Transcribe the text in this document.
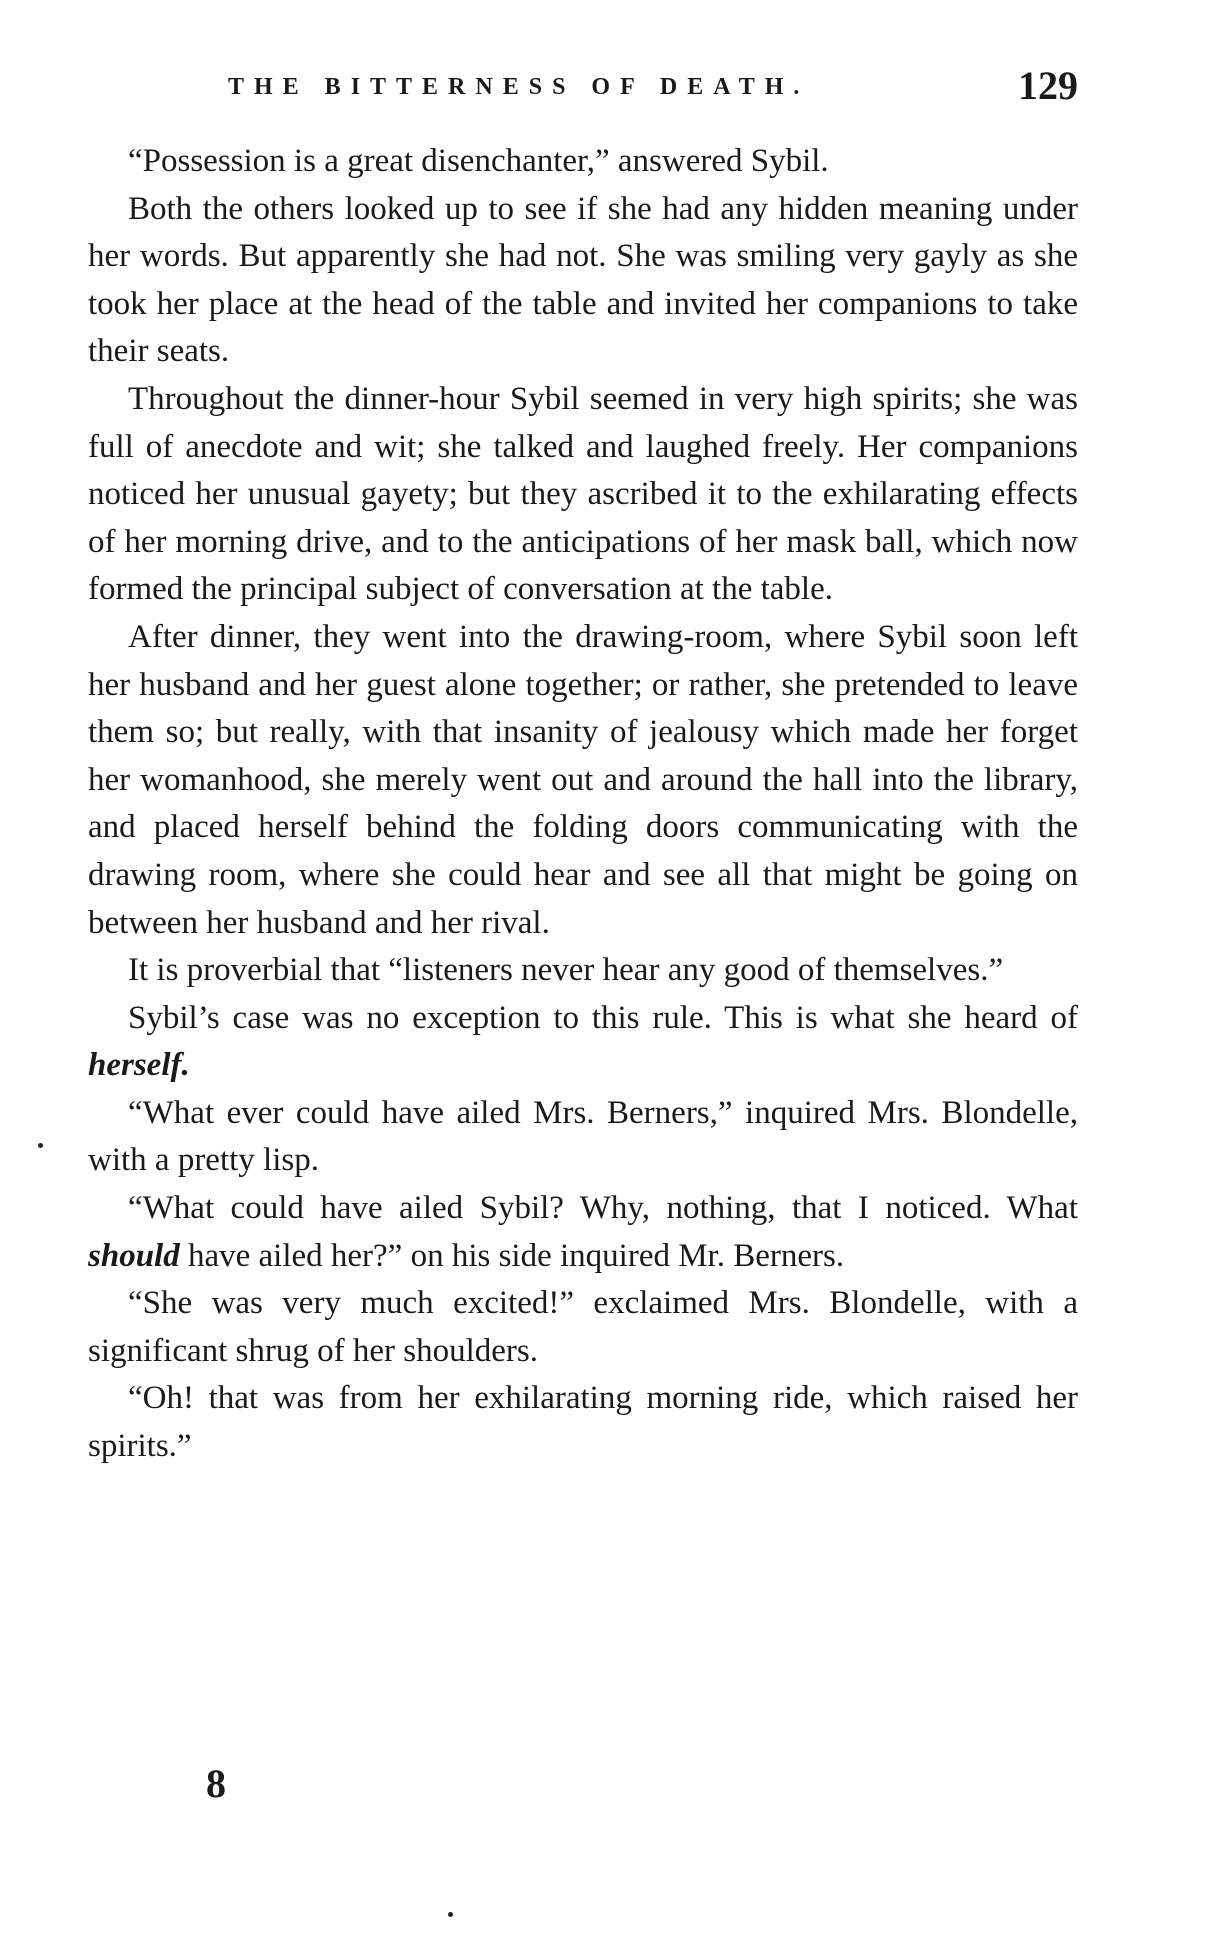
THE BITTERNESS OF DEATH.	129

“Possession is a great disenchanter,” answered Sybil.

Both the others looked up to see if she had any hidden meaning under her words. But apparently she had not. She was smiling very gayly as she took her place at the head of the table and invited her companions to take their seats.

Throughout the dinner-hour Sybil seemed in very high spirits; she was full of anecdote and wit; she talked and laughed freely. Her companions noticed her unusual gayety; but they ascribed it to the exhilarating effects of her morning drive, and to the anticipations of her mask ball, which now formed the principal subject of conversation at the table.

After dinner, they went into the drawing-room, where Sybil soon left her husband and her guest alone together; or rather, she pretended to leave them so; but really, with that insanity of jealousy which made her forget her womanhood, she merely went out and around the hall into the library, and placed herself behind the folding doors communicating with the drawing room, where she could hear and see all that might be going on between her husband and her rival.

It is proverbial that “listeners never hear any good of themselves.”

Sybil’s case was no exception to this rule. This is what she heard of herself.

“What ever could have ailed Mrs. Berners,” inquired Mrs. Blondelle, with a pretty lisp.

“What could have ailed Sybil? Why, nothing, that I noticed. What should have ailed her?” on his side inquired Mr. Berners.

“She was very much excited!” exclaimed Mrs. Blondelle, with a significant shrug of her shoulders.

“Oh! that was from her exhilarating morning ride, which raised her spirits.”

8
